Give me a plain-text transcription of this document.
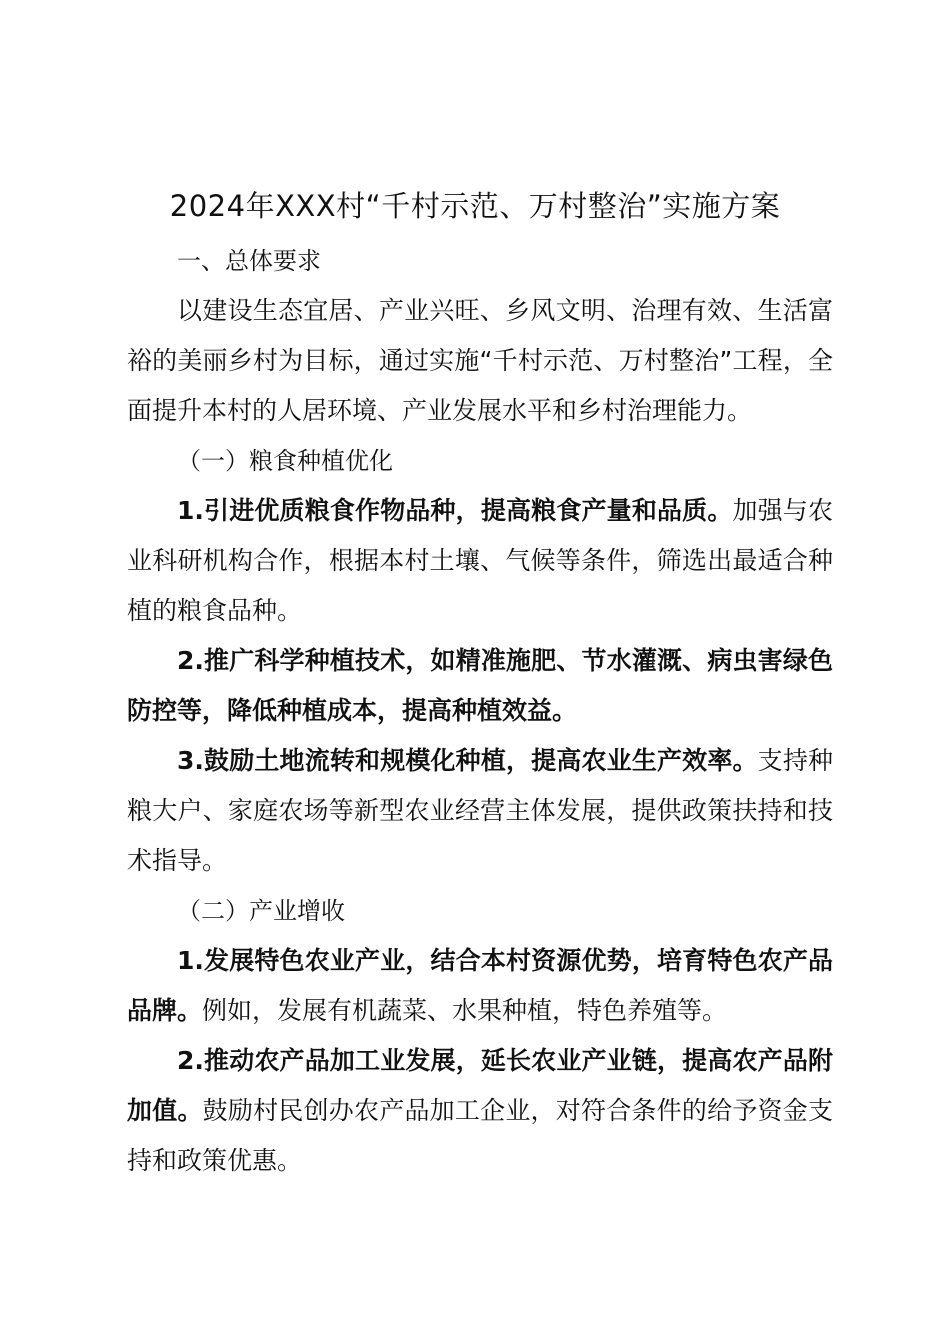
2024年XXX村“千村示范、万村整治”实施方案

一、总体要求

以建设生态宜居、产业兴旺、乡风文明、治理有效、生活富裕的美丽乡村为目标，通过实施“千村示范、万村整治”工程，全面提升本村的人居环境、产业发展水平和乡村治理能力。

（一）粮食种植优化

1.引进优质粮食作物品种，提高粮食产量和品质。加强与农业科研机构合作，根据本村土壤、气候等条件，筛选出最适合种植的粮食品种。

2.推广科学种植技术，如精准施肥、节水灌溉、病虫害绿色防控等，降低种植成本，提高种植效益。

3.鼓励土地流转和规模化种植，提高农业生产效率。支持种粮大户、家庭农场等新型农业经营主体发展，提供政策扶持和技术指导。

（二）产业增收

1.发展特色农业产业，结合本村资源优势，培育特色农产品品牌。例如，发展有机蔬菜、水果种植，特色养殖等。

2.推动农产品加工业发展，延长农业产业链，提高农产品附加值。鼓励村民创办农产品加工企业，对符合条件的给予资金支持和政策优惠。
